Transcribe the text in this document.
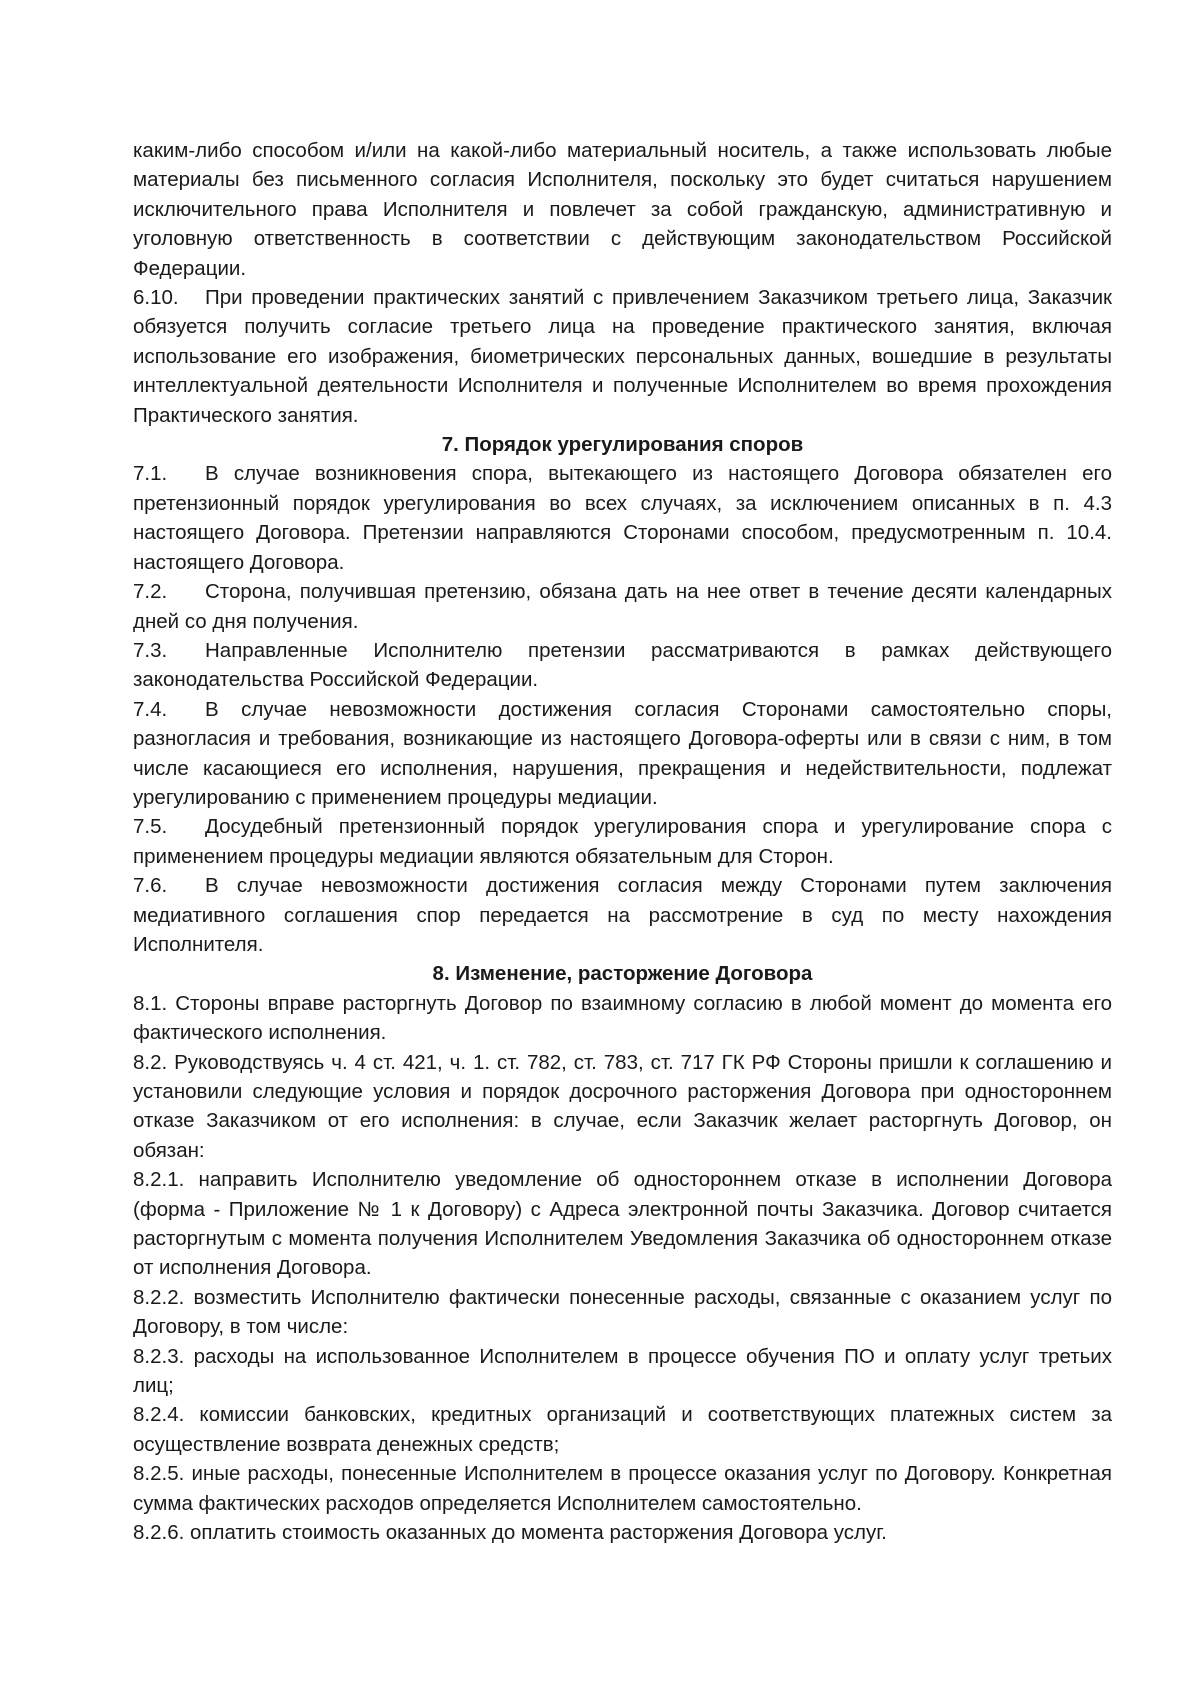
каким-либо способом и/или на какой-либо материальный носитель, а также использовать любые материалы без письменного согласия Исполнителя, поскольку это будет считаться нарушением исключительного права Исполнителя и повлечет за собой гражданскую, административную и уголовную ответственность в соответствии с действующим законодательством Российской Федерации.

6.10. При проведении практических занятий с привлечением Заказчиком третьего лица, Заказчик обязуется получить согласие третьего лица на проведение практического занятия, включая использование его изображения, биометрических персональных данных, вошедшие в результаты интеллектуальной деятельности Исполнителя и полученные Исполнителем во время прохождения Практического занятия.

7. Порядок урегулирования споров

7.1. В случае возникновения спора, вытекающего из настоящего Договора обязателен его претензионный порядок урегулирования во всех случаях, за исключением описанных в п. 4.3 настоящего Договора. Претензии направляются Сторонами способом, предусмотренным п. 10.4. настоящего Договора.

7.2. Сторона, получившая претензию, обязана дать на нее ответ в течение десяти календарных дней со дня получения.

7.3. Направленные Исполнителю претензии рассматриваются в рамках действующего законодательства Российской Федерации.

7.4. В случае невозможности достижения согласия Сторонами самостоятельно споры, разногласия и требования, возникающие из настоящего Договора-оферты или в связи с ним, в том числе касающиеся его исполнения, нарушения, прекращения и недействительности, подлежат урегулированию с применением процедуры медиации.

7.5. Досудебный претензионный порядок урегулирования спора и урегулирование спора с применением процедуры медиации являются обязательным для Сторон.

7.6. В случае невозможности достижения согласия между Сторонами путем заключения медиативного соглашения спор передается на рассмотрение в суд по месту нахождения Исполнителя.

8. Изменение, расторжение Договора

8.1. Стороны вправе расторгнуть Договор по взаимному согласию в любой момент до момента его фактического исполнения.

8.2. Руководствуясь ч. 4 ст. 421, ч. 1. ст. 782, ст. 783, ст. 717 ГК РФ Стороны пришли к соглашению и установили следующие условия и порядок досрочного расторжения Договора при одностороннем отказе Заказчиком от его исполнения: в случае, если Заказчик желает расторгнуть Договор, он обязан:

8.2.1. направить Исполнителю уведомление об одностороннем отказе в исполнении Договора (форма - Приложение № 1 к Договору) с Адреса электронной почты Заказчика. Договор считается расторгнутым с момента получения Исполнителем Уведомления Заказчика об одностороннем отказе от исполнения Договора.

8.2.2. возместить Исполнителю фактически понесенные расходы, связанные с оказанием услуг по Договору, в том числе:

8.2.3. расходы на использованное Исполнителем в процессе обучения ПО и оплату услуг третьих лиц;

8.2.4. комиссии банковских, кредитных организаций и соответствующих платежных систем за осуществление возврата денежных средств;

8.2.5. иные расходы, понесенные Исполнителем в процессе оказания услуг по Договору. Конкретная сумма фактических расходов определяется Исполнителем самостоятельно.

8.2.6. оплатить стоимость оказанных до момента расторжения Договора услуг.
